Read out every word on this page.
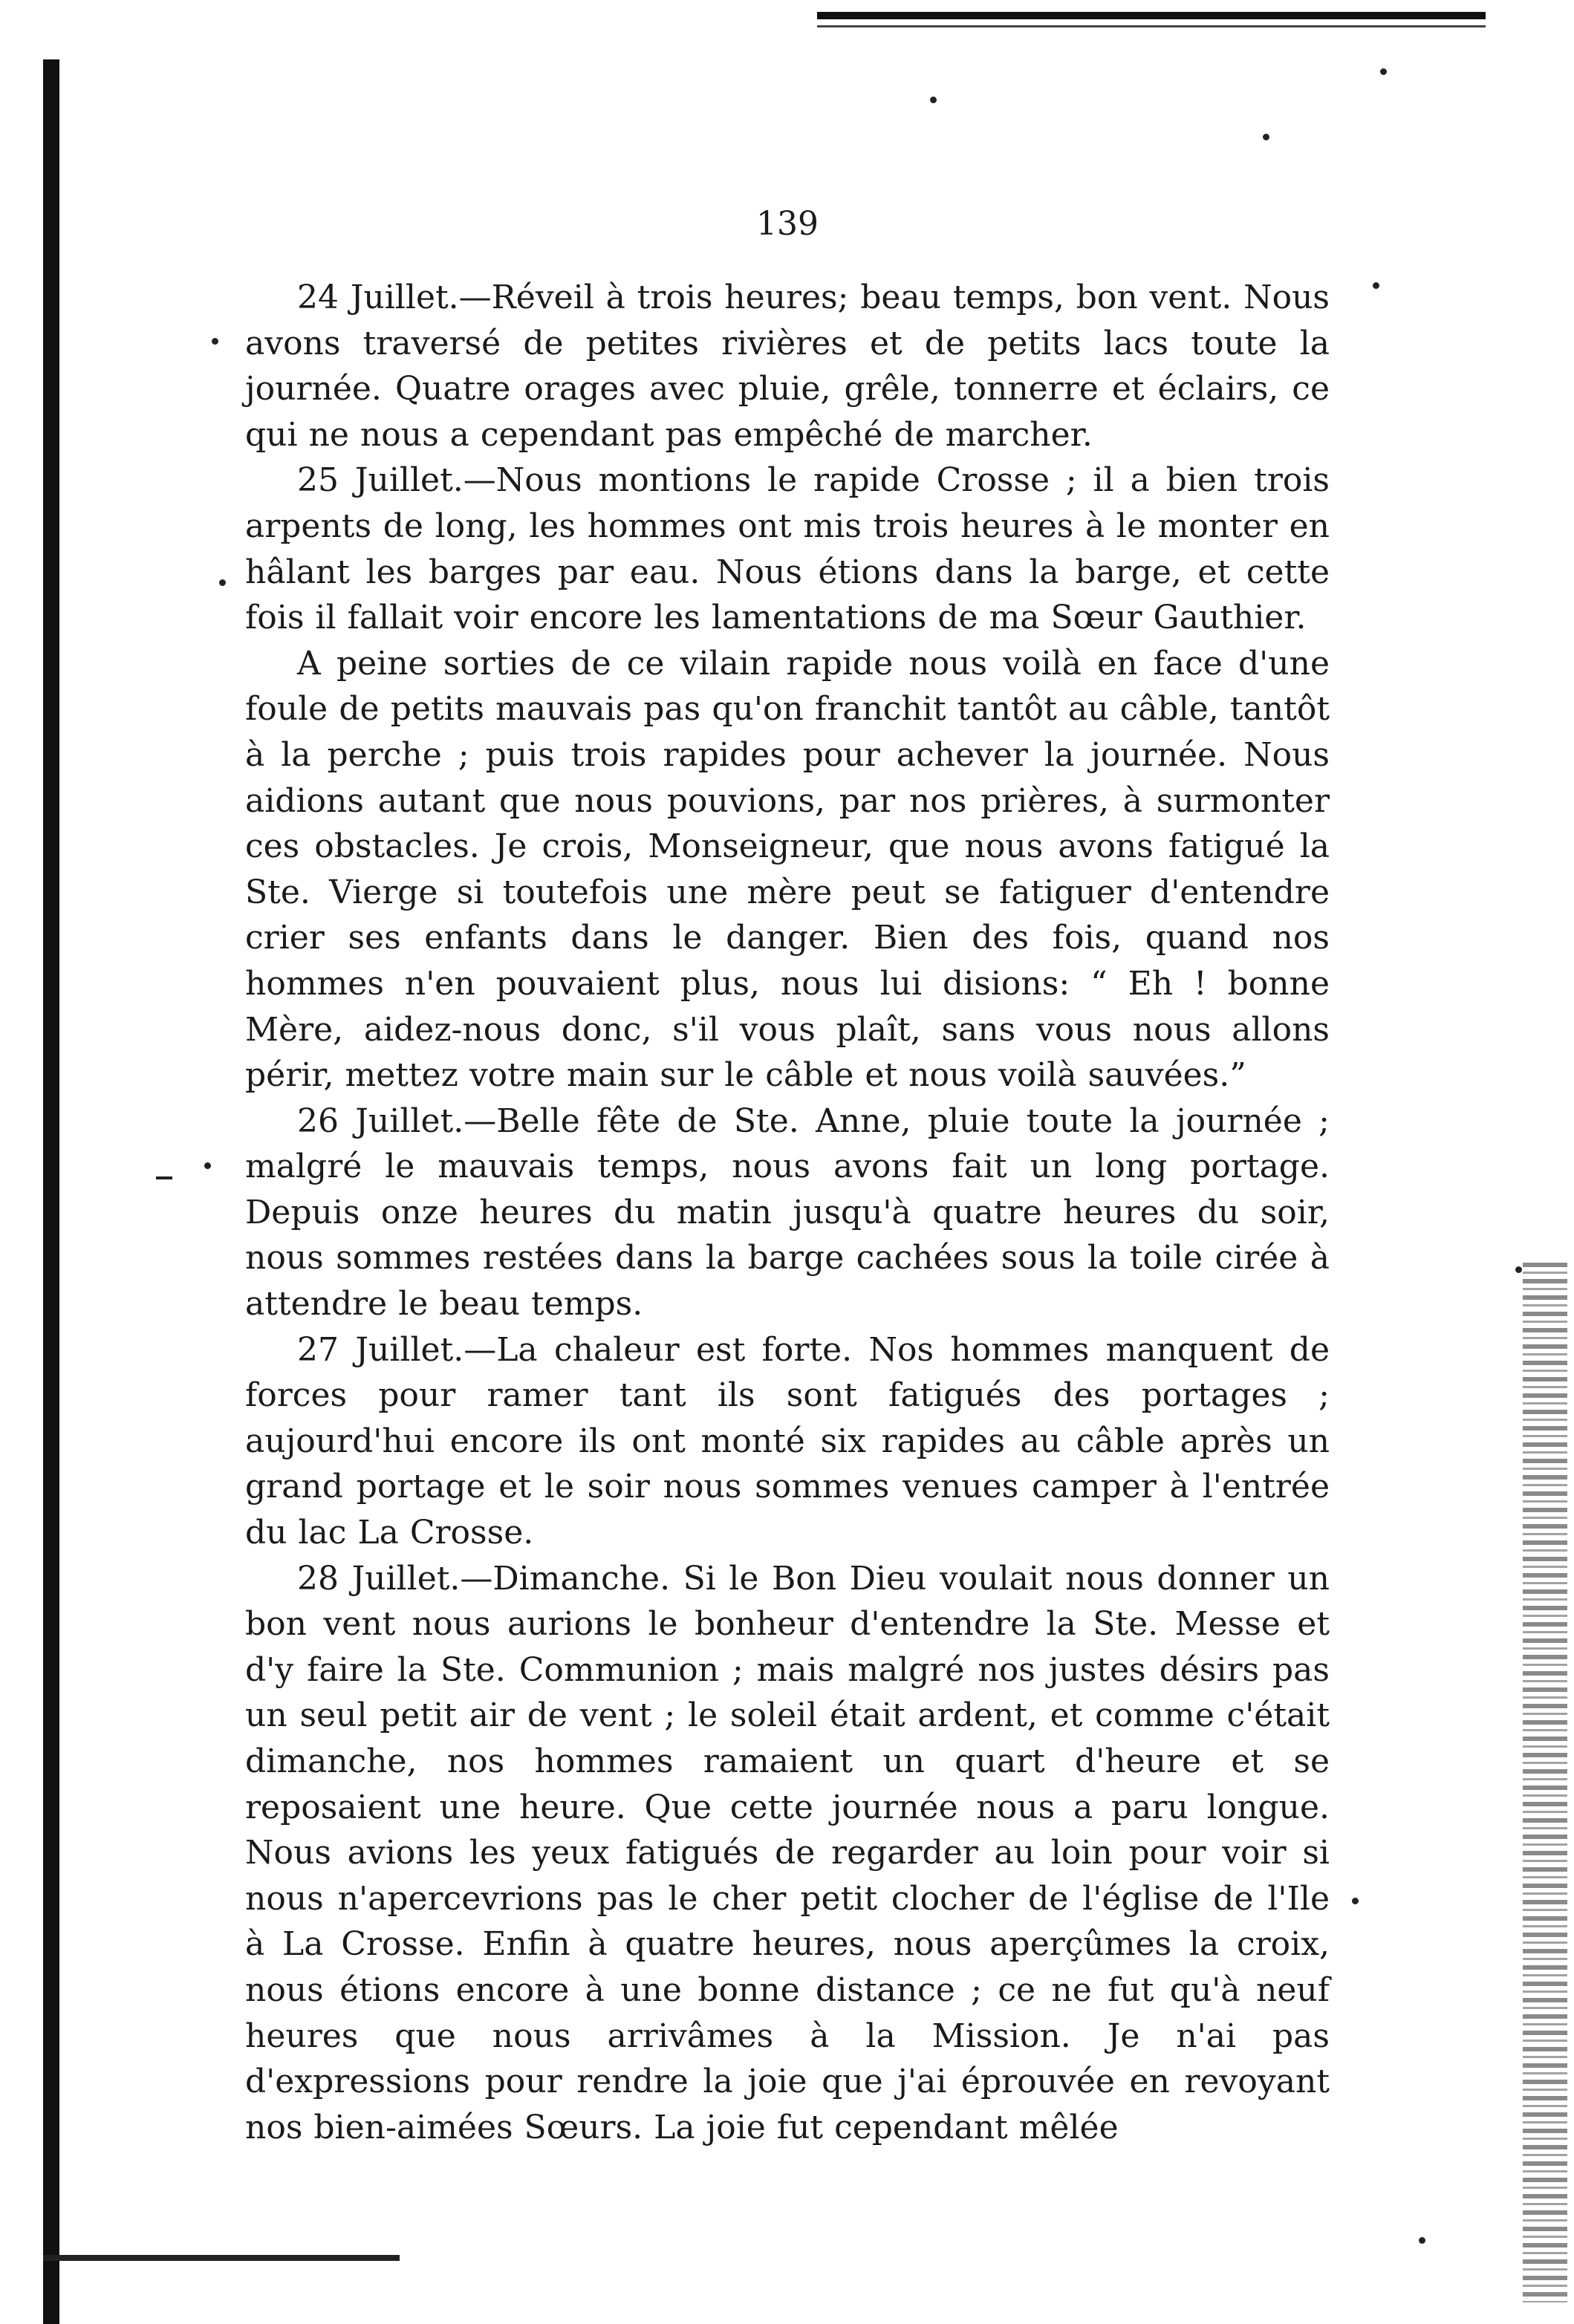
139

24 Juillet.—Réveil à trois heures; beau temps, bon vent. Nous avons traversé de petites rivières et de petits lacs toute la journée. Quatre orages avec pluie, grêle, tonnerre et éclairs, ce qui ne nous a cependant pas empêché de marcher.

25 Juillet.—Nous montions le rapide Crosse ; il a bien trois arpents de long, les hommes ont mis trois heures à le monter en hâlant les barges par eau. Nous étions dans la barge, et cette fois il fallait voir encore les lamentations de ma Sœur Gauthier.

A peine sorties de ce vilain rapide nous voilà en face d'une foule de petits mauvais pas qu'on franchit tantôt au câble, tantôt à la perche ; puis trois rapides pour achever la journée. Nous aidions autant que nous pouvions, par nos prières, à surmonter ces obstacles. Je crois, Monseigneur, que nous avons fatigué la Ste. Vierge si toutefois une mère peut se fatiguer d'entendre crier ses enfants dans le danger. Bien des fois, quand nos hommes n'en pouvaient plus, nous lui disions: “ Eh ! bonne Mère, aidez-nous donc, s'il vous plaît, sans vous nous allons périr, mettez votre main sur le câble et nous voilà sauvées.”

26 Juillet.—Belle fête de Ste. Anne, pluie toute la journée ; malgré le mauvais temps, nous avons fait un long portage. Depuis onze heures du matin jusqu'à quatre heures du soir, nous sommes restées dans la barge cachées sous la toile cirée à attendre le beau temps.

27 Juillet.—La chaleur est forte. Nos hommes manquent de forces pour ramer tant ils sont fatigués des portages ; aujourd'hui encore ils ont monté six rapides au câble après un grand portage et le soir nous sommes venues camper à l'entrée du lac La Crosse.

28 Juillet.—Dimanche. Si le Bon Dieu voulait nous donner un bon vent nous aurions le bonheur d'entendre la Ste. Messe et d'y faire la Ste. Communion ; mais malgré nos justes désirs pas un seul petit air de vent ; le soleil était ardent, et comme c'était dimanche, nos hommes ramaient un quart d'heure et se reposaient une heure. Que cette journée nous a paru longue. Nous avions les yeux fatigués de regarder au loin pour voir si nous n'apercevrions pas le cher petit clocher de l'église de l'Ile à La Crosse. Enfin à quatre heures, nous aperçûmes la croix, nous étions encore à une bonne distance ; ce ne fut qu'à neuf heures que nous arrivâmes à la Mission. Je n'ai pas d'expressions pour rendre la joie que j'ai éprouvée en revoyant nos bien-aimées Sœurs. La joie fut cependant mêlée
